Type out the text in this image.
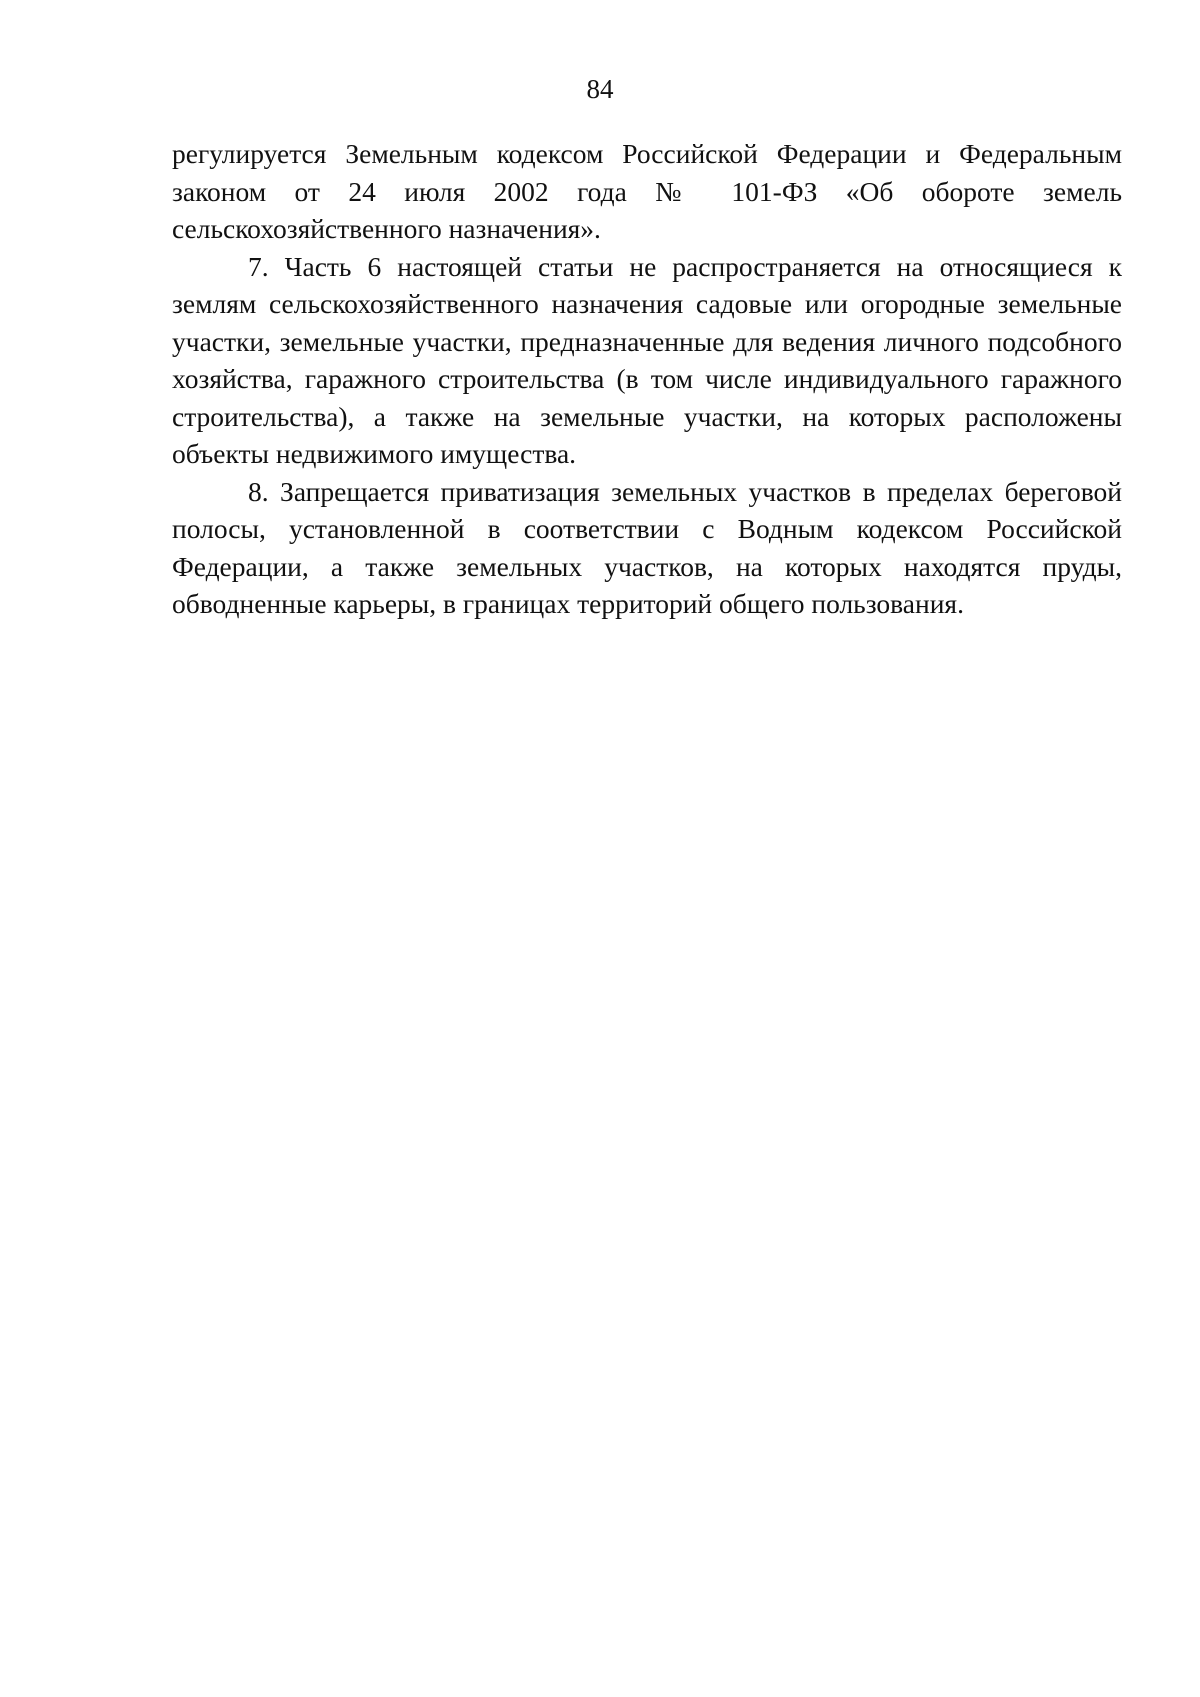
84

регулируется Земельным кодексом Российской Федерации и Федеральным законом от 24 июля 2002 года № 101-ФЗ «Об обороте земель сельскохозяйственного назначения».

7. Часть 6 настоящей статьи не распространяется на относящиеся к землям сельскохозяйственного назначения садовые или огородные земельные участки, земельные участки, предназначенные для ведения личного подсобного хозяйства, гаражного строительства (в том числе индивидуального гаражного строительства), а также на земельные участки, на которых расположены объекты недвижимого имущества.

8. Запрещается приватизация земельных участков в пределах береговой полосы, установленной в соответствии с Водным кодексом Российской Федерации, а также земельных участков, на которых находятся пруды, обводненные карьеры, в границах территорий общего пользования.
